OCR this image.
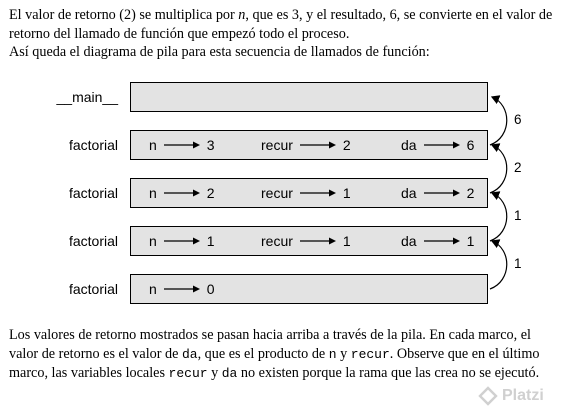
El valor de retorno (2) se multiplica por n, que es 3, y el resultado, 6, se convierte en el valor de retorno del llamado de función que empezó todo el proceso.
Así queda el diagrama de pila para esta secuencia de llamados de función:

__main__
factorial n	3	recur	2	da	6
factorial n	2	recur	1	da	2
factorial n	1	recur	1	da	1
factorial n	0
6
2
1
1

Los valores de retorno mostrados se pasan hacia arriba a través de la pila. En cada marco, el valor de retorno es el valor de da, que es el producto de n y recur. Observe que en el último marco, las variables locales recur y da no existen porque la rama que las crea no se ejecutó.

Platzi
